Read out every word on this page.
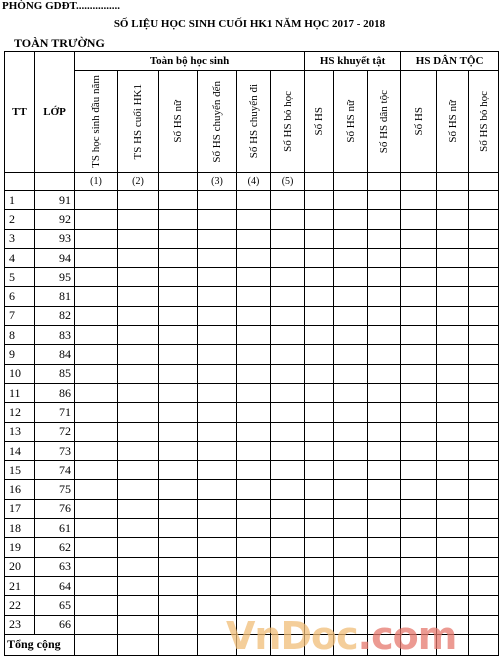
PHÒNG GDĐT................
SỐ LIỆU HỌC SINH CUỐI HK1 NĂM HỌC 2017 - 2018
TOÀN TRƯỜNG
TT	LỚP	Toàn bộ học sinh						HS khuyết tật			HS DÂN TỘC		

		TS học sinh đầu năm	TS HS cuối HK1	Số HS nữ	Số HS chuyển đến	Số HS chuyển đi	Số HS bỏ học	Số HS	Số HS nữ	Số HS dân tộc	Số HS	Số HS nữ	Số HS bỏ học

		(1)	(2)		(3)	(4)	(5)						
1	91												
2	92												
3	93												
4	94												
5	95												
6	81												
7	82												
8	83												
9	84												
10	85												
11	86												
12	71												
13	72												
14	73												
15	74												
16	75												
17	76												
18	61												
19	62												
20	63												
21	64												
22	65												
23	66												
Tổng cộng														VnDoc.com
